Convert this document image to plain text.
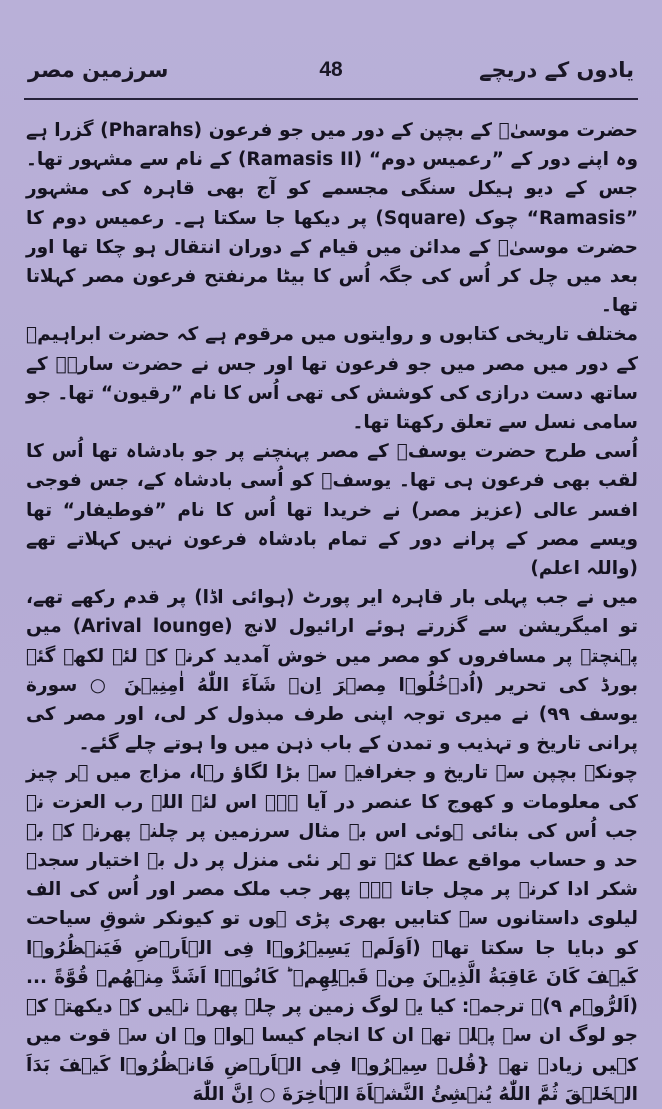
سرزمین مصر	48	یادوں کے دریچے

حضرت موسیٰؑ کے بچپن کے دور میں جو فرعون (Pharahs) گزرا ہے وہ اپنے دور کے ”رعمیس دوم“ (Ramasis II) کے نام سے مشہور تھا۔ جس کے دیو ہیکل سنگی مجسمے کو آج بھی قاہرہ کی مشہور ”Ramasis“ چوک (Square) پر دیکھا جا سکتا ہے۔ رعمیس دوم کا حضرت موسیٰؑ کے مدائن میں قیام کے دوران انتقال ہو چکا تھا اور بعد میں چل کر اُس کی جگہ اُس کا بیٹا مرنفتح فرعون مصر کہلاتا تھا۔

مختلف تاریخی کتابوں و روایتوں میں مرقوم ہے کہ حضرت ابراہیمؑ کے دور میں مصر میں جو فرعون تھا اور جس نے حضرت سارہؑ کے ساتھ دست درازی کی کوشش کی تھی اُس کا نام ”رقیون“ تھا۔ جو سامی نسل سے تعلق رکھتا تھا۔

اُسی طرح حضرت یوسفؑ کے مصر پہنچنے پر جو بادشاہ تھا اُس کا لقب بھی فرعون ہی تھا۔ یوسفؑ کو اُسی بادشاہ کے، جس فوجی افسر عالی (عزیز مصر) نے خریدا تھا اُس کا نام ”فوطیفار“ تھا ویسے مصر کے پرانے دور کے تمام بادشاہ فرعون نہیں کہلاتے تھے (واللہ اعلم)

میں نے جب پہلی بار قاہرہ ایر پورٹ (ہوائی اڈا) پر قدم رکھے تھے، تو امیگریشن سے گزرتے ہوئے ارائیول لانج (Arival lounge) میں پہنچتے پر مسافروں کو مصر میں خوش آمدید کرنے کے لئے لکھے گئے بورڈ کی تحریر (اُدۡخُلُوۡا مِصۡرَ اِنۡ شَآءَ اللّٰهُ اٰمِنِيۡنَ ○ سورة یوسف ۹۹) نے میری توجہ اپنی طرف مبذول کر لی، اور مصر کی پرانی تاریخ و تہذیب و تمدن کے باب ذہن میں وا ہوتے چلے گئے۔

چونکہ بچپن سے تاریخ و جغرافیہ سے بڑا لگاؤ رہا، مزاج میں ہر چیز کی معلومات و کھوج کا عنصر در آیا ہے۔ اس لئے اللہ رب العزت نے جب اُس کی بنائی ہوئی اس بے مثال سرزمین پر چلنے پھرنے کے بے حد و حساب مواقع عطا کئے تو ہر نئی منزل پر دل بے اختیار سجدۂ شکر ادا کرنے پر مچل جاتا ہے۔ پھر جب ملک مصر اور اُس کی الف لیلوی داستانوں سے کتابیں بھری پڑی ہوں تو کیونکر شوقِ سیاحت کو دبایا جا سکتا تھا۔ (اَوَلَمۡ يَسِيۡرُوۡا فِى الۡاَرۡضِ فَيَنۡظُرُوۡا كَيۡفَ كَانَ عَاقِبَةُ الَّذِيۡنَ مِنۡ قَبۡلِهِمۡ ؕ كَانُوۡۤا اَشَدَّ مِنۡهُمۡ قُوَّةً ... (اَلرُّوۡم ۹)۔ ترجمہ: کیا یہ لوگ زمین پر چلے پھرے نہیں کہ دیکھتے کہ جو لوگ ان سے پہلے تھے ان کا انجام کیسا ہوا۔ وہ ان سے قوت میں کہیں زیادہ تھے {قُلۡ سِيۡرُوۡا فِى الۡاَرۡضِ فَانۡظُرُوۡا كَيۡفَ بَدَاَ الۡخَلۡقَ ثُمَّ اللّٰهُ يُنۡشِئُ النَّشۡاَةَ الۡاٰخِرَةَ ○ اِنَّ اللّٰهَ
